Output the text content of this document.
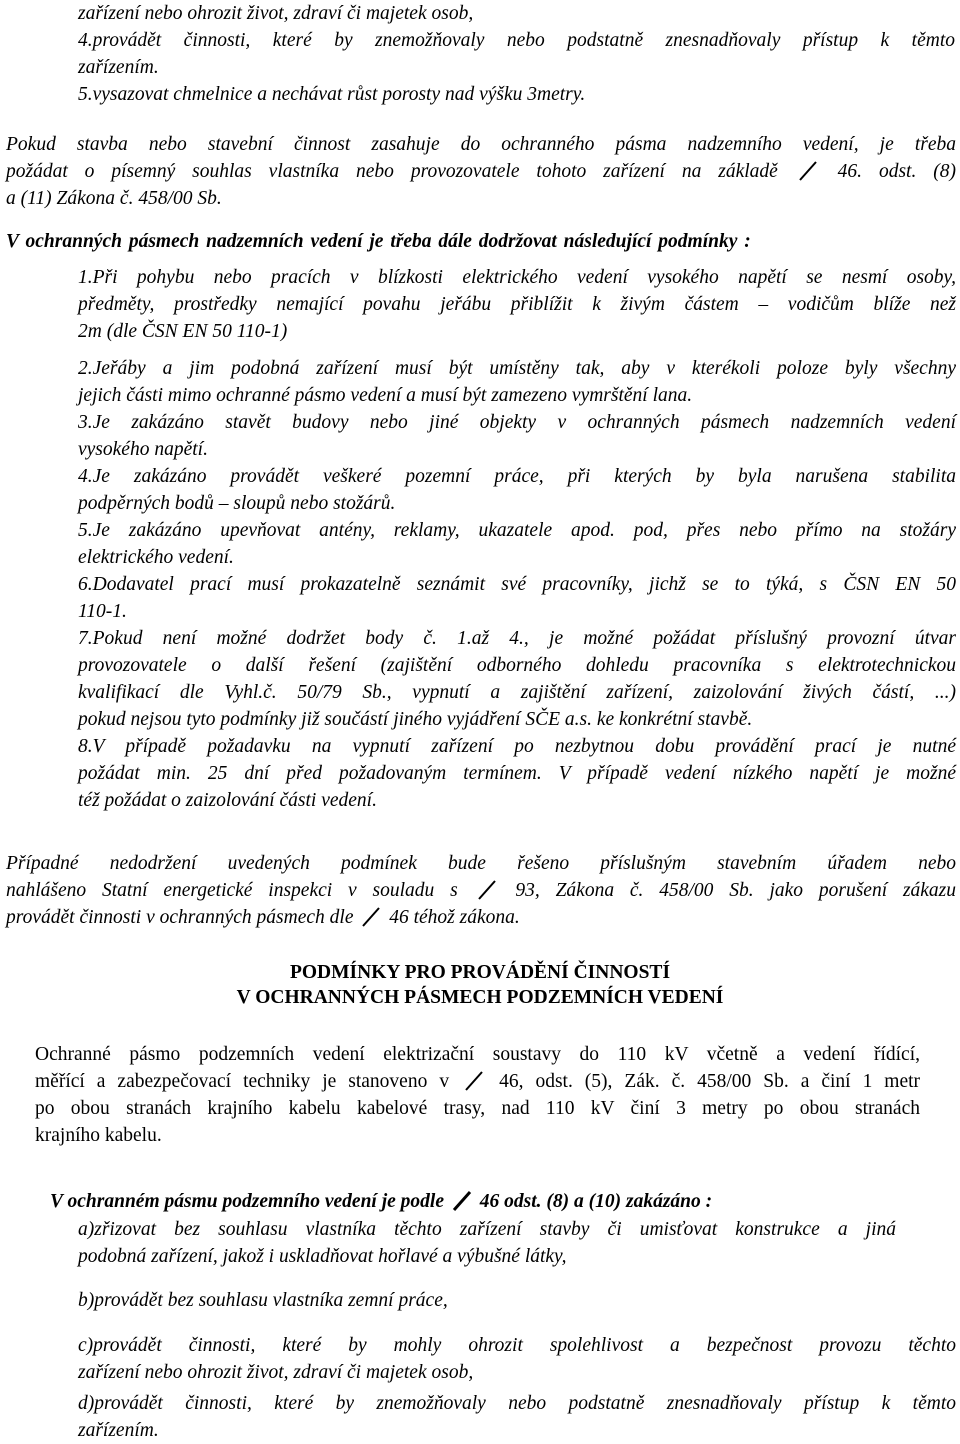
zařízení nebo ohrozit život, zdraví či majetek osob,

4.provádět činnosti, které by znemožňovaly nebo podstatně znesnadňovaly přístup k těmto

zařízením.

5.vysazovat chmelnice a nechávat růst porosty nad výšku 3metry.

Pokud stavba nebo stavební činnost zasahuje do ochranného pásma nadzemního vedení, je třeba

požádat o písemný souhlas vlastníka nebo provozovatele tohoto zařízení na základě	46. odst. (8)

a (11) Zákona č. 458/00 Sb.

V ochranných pásmech nadzemních vedení je třeba dále dodržovat následující podmínky :

1.Při pohybu nebo pracích v blízkosti elektrického vedení vysokého napětí se nesmí osoby,

předměty, prostředky nemající povahu jeřábu přiblížit k živým částem – vodičům blíže než

2m (dle ČSN EN 50 110-1)

2.Jeřáby a jim podobná zařízení musí být umístěny tak, aby v kterékoli poloze byly všechny

jejich části mimo ochranné pásmo vedení a musí být zamezeno vymrštění lana.

3.Je zakázáno stavět budovy nebo jiné objekty v ochranných pásmech nadzemních vedení

vysokého napětí.

4.Je zakázáno provádět veškeré pozemní práce, při kterých by byla narušena stabilita

podpěrných bodů – sloupů nebo stožárů.

5.Je zakázáno upevňovat antény, reklamy, ukazatele apod. pod, přes nebo přímo na stožáry

elektrického vedení.

6.Dodavatel prací musí prokazatelně seznámit své pracovníky, jichž se to týká, s ČSN EN 50

110-1.

7.Pokud není možné dodržet body č. 1.až 4., je možné požádat příslušný provozní útvar

provozovatele o další řešení (zajištění odborného dohledu pracovníka s elektrotechnickou

kvalifikací dle Vyhl.č. 50/79 Sb., vypnutí a zajištění zařízení, zaizolování živých částí, ...)

pokud nejsou tyto podmínky již součástí jiného vyjádření SČE a.s. ke konkrétní stavbě.

8.V případě požadavku na vypnutí zařízení po nezbytnou dobu provádění prací je nutné

požádat min. 25 dní před požadovaným termínem. V případě vedení nízkého napětí je možné

též požádat o zaizolování části vedení.

Případné nedodržení uvedených podmínek bude řešeno příslušným stavebním úřadem nebo

nahlášeno Statní energetické inspekci v souladu s	93, Zákona č. 458/00 Sb. jako porušení zákazu

provádět činnosti v ochranných pásmech dle 46 téhož zákona.

PODMÍNKY PRO PROVÁDĚNÍ ČINNOSTÍ

V OCHRANNÝCH PÁSMECH PODZEMNÍCH VEDENÍ

Ochranné pásmo podzemních vedení elektrizační soustavy do 110 kV včetně a vedení řídící,

měřící a zabezpečovací techniky je stanoveno v	46, odst. (5), Zák. č. 458/00 Sb. a činí 1 metr

po obou stranách krajního kabelu kabelové trasy, nad 110 kV činí 3 metry po obou stranách

krajního kabelu.

V ochranném pásmu podzemního vedení je podle 46 odst. (8) a (10) zakázáno :

a)zřizovat bez souhlasu vlastníka těchto zařízení stavby či umisťovat konstrukce a jiná

podobná zařízení, jakož i uskladňovat hořlavé a výbušné látky,

b)provádět bez souhlasu vlastníka zemní práce,

c)provádět činnosti, které by mohly ohrozit spolehlivost a bezpečnost provozu těchto

zařízení nebo ohrozit život, zdraví či majetek osob,

d)provádět činnosti, které by znemožňovaly nebo podstatně znesnadňovaly přístup k těmto

zařízením.
